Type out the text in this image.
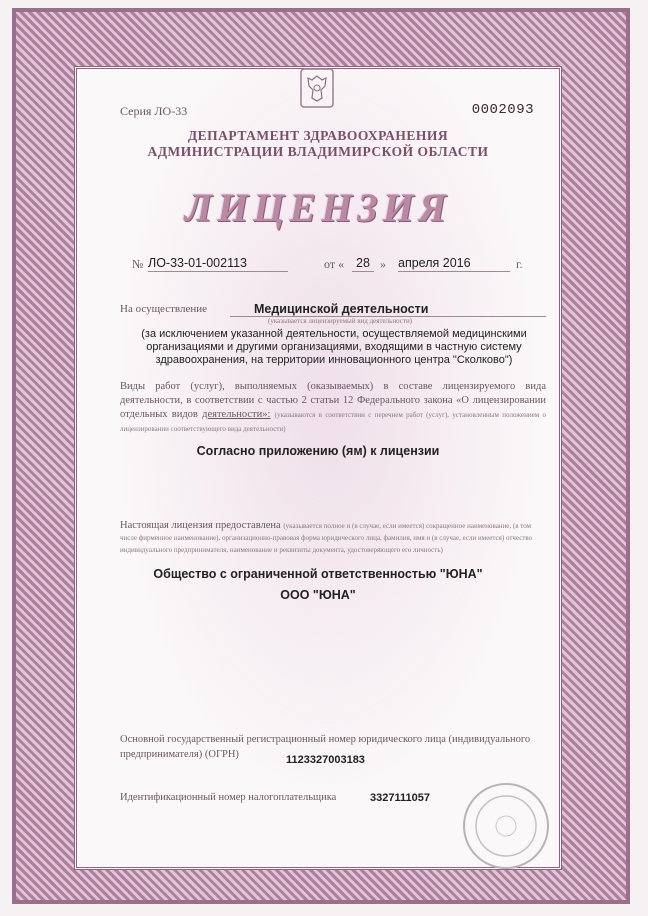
Серия ЛО-33	0002093
ДЕПАРТАМЕНТ ЗДРАВООХРАНЕНИЯ
АДМИНИСТРАЦИИ ВЛАДИМИРСКОЙ ОБЛАСТИ
ЛИЦЕНЗИЯ
№ ЛО-33-01-002113	от « 28 » апреля 2016	г.
На осуществление	Медицинской деятельности
(указывается лицензируемый вид деятельности)
(за исключением указанной деятельности, осуществляемой медицинскими организациями и другими организациями, входящими в частную систему здравоохранения, на территории инновационного центра "Сколково")
Виды работ (услуг), выполняемых (оказываемых) в составе лицензируемого вида деятельности, в соответствии с частью 2 статьи 12 Федерального закона «О лицензировании отдельных видов деятельности»: (указываются в соответствии с перечнем работ (услуг), установленным положением о лицензировании соответствующего вида деятельности)
Согласно приложению (ям) к лицензии
Настоящая лицензия предоставлена (указывается полное и (в случае, если имеется) сокращенное наименование, (в том числе фирменное наименование), организационно-правовая форма юридического лица, фамилия, имя и (в случае, если имеется) отчество индивидуального предпринимателя, наименование и реквизиты документа, удостоверяющего его личность)
Общество с ограниченной ответственностью "ЮНА"
ООО "ЮНА"
Основной государственный регистрационный номер юридического лица (индивидуального предпринимателя) (ОГРН)	1123327003183
Идентификационный номер налогоплательщика	3327111057
